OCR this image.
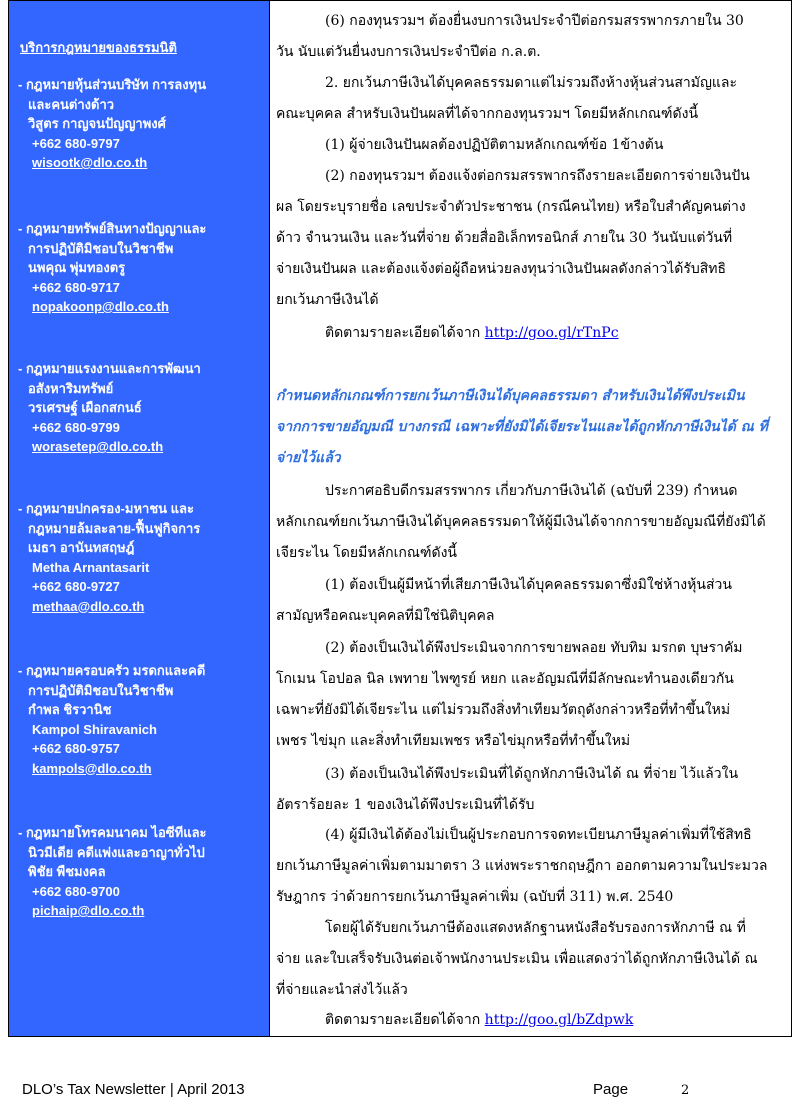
บริการกฎหมายของธรรมนิติ
- กฎหมายหุ้นส่วนบริษัท การลงทุน
และคนต่างด้าว
วิสูตร กาญจนปัญญาพงศ์
+662 680-9797
wisootk@dlo.co.th
- กฎหมายทรัพย์สินทางปัญญาและ
การปฏิบัติมิชอบในวิชาชีพ
นพคุณ พุ่มทองตรู
+662 680-9717
nopakoonp@dlo.co.th
- กฎหมายแรงงานและการพัฒนา
อสังหาริมทรัพย์
วรเศรษฐ์ เผือกสกนธ์
+662 680-9799
worasetep@dlo.co.th
- กฎหมายปกครอง-มหาชน และ
กฎหมายล้มละลาย-ฟื้นฟูกิจการ
เมธา อานันทสฤษฎ์
Metha Arnantasarit
+662 680-9727
methaa@dlo.co.th
- กฎหมายครอบครัว มรดกและคดี
การปฏิบัติมิชอบในวิชาชีพ
กำพล ชิรวานิช
Kampol Shiravanich
+662 680-9757
kampols@dlo.co.th
- กฎหมายโทรคมนาคม ไอซีทีและ
นิวมีเดีย คดีแพ่งและอาญาทั่วไป
พิชัย พืชมงคล
+662 680-9700
pichaip@dlo.co.th
(6) กองทุนรวมฯ ต้องยื่นงบการเงินประจำปีต่อกรมสรรพากรภายใน 30
วัน นับแต่วันยื่นงบการเงินประจำปีต่อ ก.ล.ต.
2. ยกเว้นภาษีเงินได้บุคคลธรรมดาแต่ไม่รวมถึงห้างหุ้นส่วนสามัญและ
คณะบุคคล สำหรับเงินปันผลที่ได้จากกองทุนรวมฯ โดยมีหลักเกณฑ์ดังนี้
(1) ผู้จ่ายเงินปันผลต้องปฏิบัติตามหลักเกณฑ์ข้อ 1ข้างต้น
(2) กองทุนรวมฯ ต้องแจ้งต่อกรมสรรพากรถึงรายละเอียดการจ่ายเงินปัน
ผล โดยระบุรายชื่อ เลขประจำตัวประชาชน (กรณีคนไทย) หรือใบสำคัญคนต่าง
ด้าว จำนวนเงิน และวันที่จ่าย ด้วยสื่ออิเล็กทรอนิกส์ ภายใน 30 วันนับแต่วันที่
จ่ายเงินปันผล และต้องแจ้งต่อผู้ถือหน่วยลงทุนว่าเงินปันผลดังกล่าวได้รับสิทธิ
ยกเว้นภาษีเงินได้
ติดตามรายละเอียดได้จาก http://goo.gl/rTnPc
กำหนดหลักเกณฑ์การยกเว้นภาษีเงินได้บุคคลธรรมดา สำหรับเงินได้พึงประเมิน
จากการขายอัญมณี บางกรณี เฉพาะที่ยังมิได้เจียระไนและได้ถูกหักภาษีเงินได้ ณ ที่
จ่ายไว้แล้ว
ประกาศอธิบดีกรมสรรพากร เกี่ยวกับภาษีเงินได้ (ฉบับที่ 239) กำหนด
หลักเกณฑ์ยกเว้นภาษีเงินได้บุคคลธรรมดาให้ผู้มีเงินได้จากการขายอัญมณีที่ยังมิได้
เจียระไน โดยมีหลักเกณฑ์ดังนี้
(1) ต้องเป็นผู้มีหน้าที่เสียภาษีเงินได้บุคคลธรรมดาซึ่งมิใช่ห้างหุ้นส่วน
สามัญหรือคณะบุคคลที่มิใช่นิติบุคคล
(2) ต้องเป็นเงินได้พึงประเมินจากการขายพลอย ทับทิม มรกต บุษราคัม
โกเมน โอปอล นิล เพทาย ไพฑูรย์ หยก และอัญมณีที่มีลักษณะทำนองเดียวกัน
เฉพาะที่ยังมิได้เจียระไน แต่ไม่รวมถึงสิ่งทำเทียมวัตถุดังกล่าวหรือที่ทำขึ้นใหม่
เพชร ไข่มุก และสิ่งทำเทียมเพชร หรือไข่มุกหรือที่ทำขึ้นใหม่
(3) ต้องเป็นเงินได้พึงประเมินที่ได้ถูกหักภาษีเงินได้ ณ ที่จ่าย ไว้แล้วใน
อัตราร้อยละ 1 ของเงินได้พึงประเมินที่ได้รับ
(4) ผู้มีเงินได้ต้องไม่เป็นผู้ประกอบการจดทะเบียนภาษีมูลค่าเพิ่มที่ใช้สิทธิ
ยกเว้นภาษีมูลค่าเพิ่มตามมาตรา 3 แห่งพระราชกฤษฎีกา ออกตามความในประมวล
รัษฎากร ว่าด้วยการยกเว้นภาษีมูลค่าเพิ่ม (ฉบับที่ 311) พ.ศ. 2540
โดยผู้ได้รับยกเว้นภาษีต้องแสดงหลักฐานหนังสือรับรองการหักภาษี ณ ที่
จ่าย และใบเสร็จรับเงินต่อเจ้าพนักงานประเมิน เพื่อแสดงว่าได้ถูกหักภาษีเงินได้ ณ
ที่จ่ายและนำส่งไว้แล้ว
ติดตามรายละเอียดได้จาก http://goo.gl/bZdpwk
DLO’s Tax Newsletter | April 2013	Page	2
